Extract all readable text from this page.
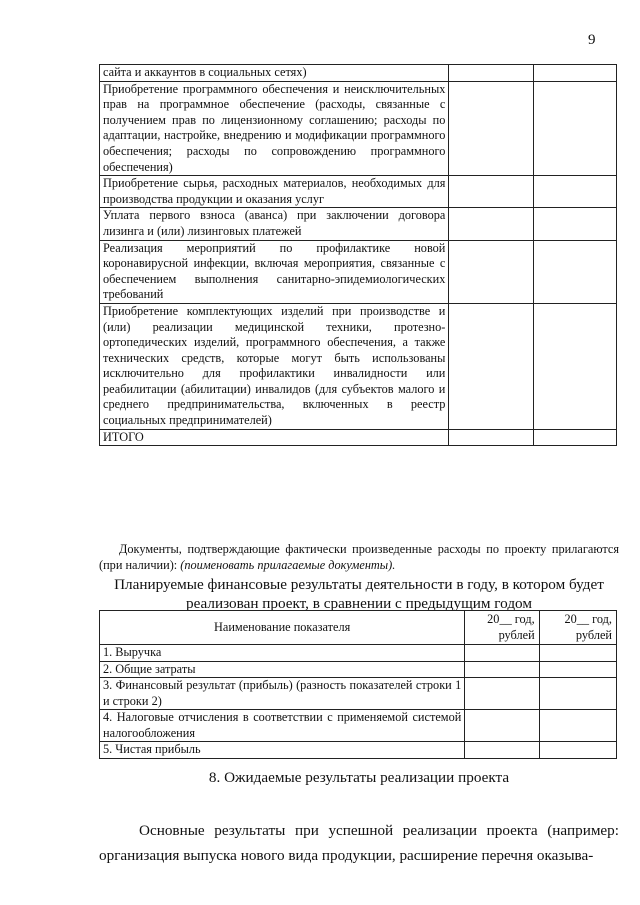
9
сайта и аккаунтов в социальных сетях)		
Приобретение программного обеспечения и неисключительных прав на программное обеспечение (расходы, связанные с получением прав по лицензионному соглашению; расходы по адаптации, настройке, внедрению и модификации программного обеспечения; расходы по сопровождению программного обеспечения)		
Приобретение сырья, расходных материалов, необходимых для производства продукции и оказания услуг		
Уплата первого взноса (аванса) при заключении договора лизинга и (или) лизинговых платежей		
Реализация мероприятий по профилактике новой коронавирусной инфекции, включая мероприятия, связанные с обеспечением выполнения санитарно-эпидемиологических требований		
Приобретение комплектующих изделий при производстве и (или) реализации медицинской техники, протезно-ортопедических изделий, программного обеспечения, а также технических средств, которые могут быть использованы исключительно для профилактики инвалидности или реабилитации (абилитации) инвалидов (для субъектов малого и среднего предпринимательства, включенных в реестр социальных предпринимателей)		
ИТОГО		

Документы, подтверждающие фактически произведенные расходы по проекту прилагаются (при наличии): (поименовать прилагаемые документы).

Планируемые финансовые результаты деятельности в году, в котором будет реализован проект, в сравнении с предыдущим годом
Наименование показателя	20__ год, рублей	20__ год, рублей
1. Выручка		
2. Общие затраты		
3. Финансовый результат (прибыль) (разность показателей строки 1 и строки 2)		
4. Налоговые отчисления в соответствии с применяемой системой налогообложения		
5. Чистая прибыль		
8. Ожидаемые результаты реализации проекта

Основные результаты при успешной реализации проекта (например: организация выпуска нового вида продукции, расширение перечня оказыва-
